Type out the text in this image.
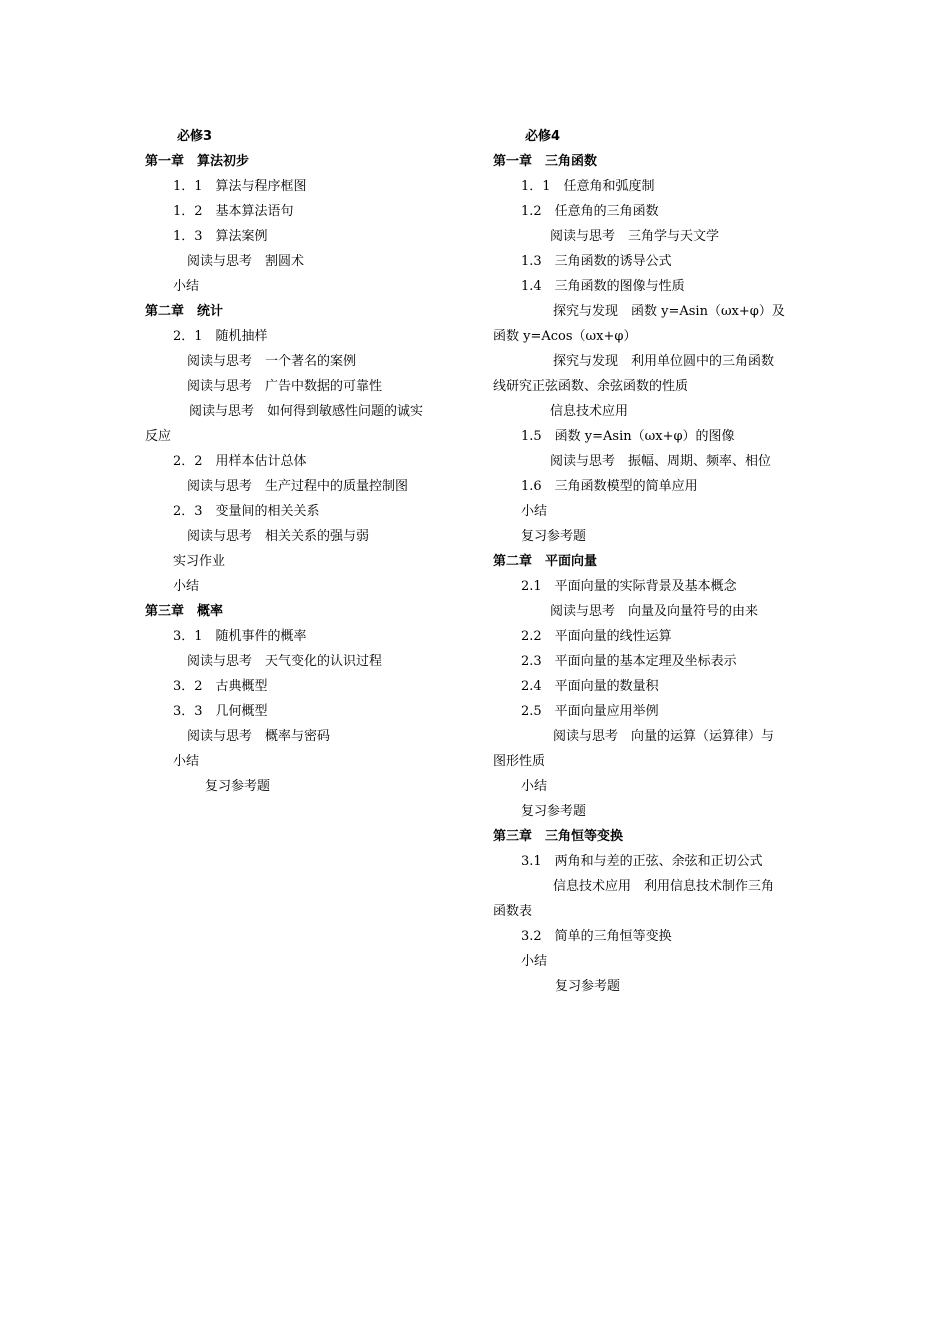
必修3
第一章　算法初步
1．1　算法与程序框图
1．2　基本算法语句
1．3　算法案例
阅读与思考　割圆术
小结
第二章　统计
2．1　随机抽样
阅读与思考　一个著名的案例
阅读与思考　广告中数据的可靠性
阅读与思考　如何得到敏感性问题的诚实
反应
2．2　用样本估计总体
阅读与思考　生产过程中的质量控制图
2．3　变量间的相关关系
阅读与思考　相关关系的强与弱
实习作业
小结
第三章　概率
3．1　随机事件的概率
阅读与思考　天气变化的认识过程
3．2　古典概型
3．3　几何概型
阅读与思考　概率与密码
小结
复习参考题
必修4
第一章　三角函数
1．1　任意角和弧度制
1.2　任意角的三角函数
阅读与思考　三角学与天文学
1.3　三角函数的诱导公式
1.4　三角函数的图像与性质
探究与发现　函数 y=Asin（ωx+φ）及
函数 y=Acos（ωx+φ）
探究与发现　利用单位圆中的三角函数
线研究正弦函数、余弦函数的性质
信息技术应用
1.5　函数 y=Asin（ωx+φ）的图像
阅读与思考　振幅、周期、频率、相位
1.6　三角函数模型的简单应用
小结
复习参考题
第二章　平面向量
2.1　平面向量的实际背景及基本概念
阅读与思考　向量及向量符号的由来
2.2　平面向量的线性运算
2.3　平面向量的基本定理及坐标表示
2.4　平面向量的数量积
2.5　平面向量应用举例
阅读与思考　向量的运算（运算律）与
图形性质
小结
复习参考题
第三章　三角恒等变换
3.1　两角和与差的正弦、余弦和正切公式
信息技术应用　利用信息技术制作三角
函数表
3.2　简单的三角恒等变换
小结
复习参考题
